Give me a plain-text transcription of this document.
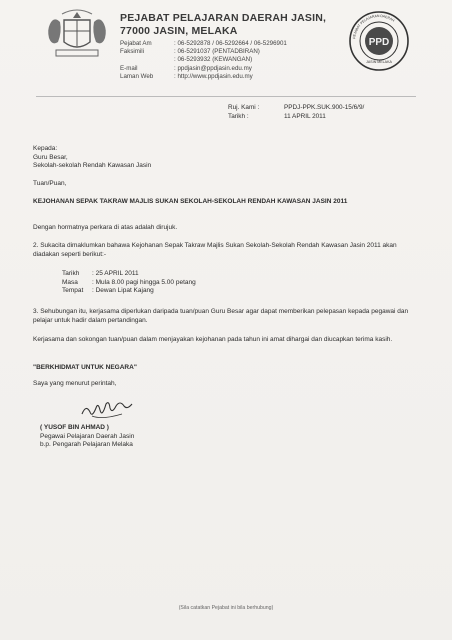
PEJABAT PELAJARAN DAERAH JASIN,
77000 JASIN, MELAKA
Pejabat Am	: 06-5292878 / 06-5292664 / 06-5296901
Faksimili	: 06-5291037 (PENTADBIRAN)
: 06-5293932 (KEWANGAN)
E-mail	: ppdjasin@ppdjasin.edu.my
Laman Web	: http://www.ppdjasin.edu.my
PPD
PEJABAT PELAJARAN DAERAH
JASIN MELAKA
Ruj. Kami :	PPDJ-PPK.SUK.900-15/6/9/
Tarikh :	11 APRIL 2011
Kepada:
Guru Besar,
Sekolah-sekolah Rendah Kawasan Jasin
Tuan/Puan,
KEJOHANAN SEPAK TAKRAW MAJLIS SUKAN SEKOLAH-SEKOLAH RENDAH KAWASAN JASIN 2011
Dengan hormatnya perkara di atas adalah dirujuk.
2. Sukacita dimaklumkan bahawa Kejohanan Sepak Takraw Majlis Sukan Sekolah-Sekolah Rendah Kawasan Jasin 2011 akan diadakan seperti berikut:-
Tarikh	: 25 APRIL 2011
Masa	: Mula 8.00 pagi hingga 5.00 petang
Tempat	: Dewan Lipat Kajang
3. Sehubungan itu, kerjasama diperlukan daripada tuan/puan Guru Besar agar dapat memberikan pelepasan kepada pegawai dan pelajar untuk hadir dalam pertandingan.
Kerjasama dan sokongan tuan/puan dalam menjayakan kejohanan pada tahun ini amat dihargai dan diucapkan terima kasih.
"BERKHIDMAT UNTUK NEGARA"
Saya yang menurut perintah,
( YUSOF BIN AHMAD )
Pegawai Pelajaran Daerah Jasin
b.p. Pengarah Pelajaran Melaka
(Sila catatkan Pejabat ini bila berhubung)
